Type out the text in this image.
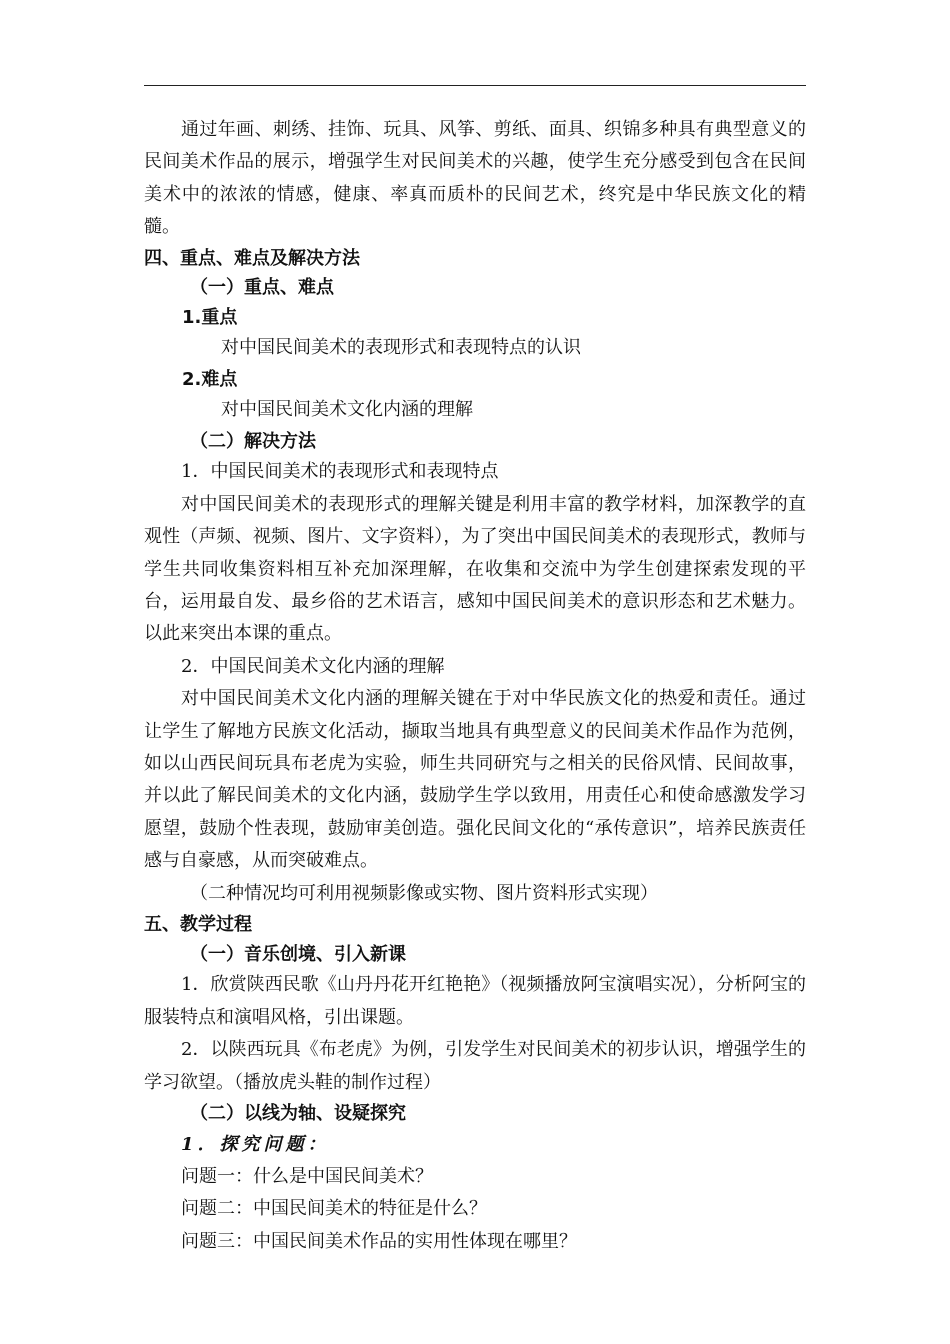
通过年画、刺绣、挂饰、玩具、风筝、剪纸、面具、织锦多种具有典型意义的民间美术作品的展示，增强学生对民间美术的兴趣，使学生充分感受到包含在民间美术中的浓浓的情感，健康、率真而质朴的民间艺术，终究是中华民族文化的精髓。

四、重点、难点及解决方法

（一）重点、难点

1.重点

对中国民间美术的表现形式和表现特点的认识

2.难点

对中国民间美术文化内涵的理解

（二）解决方法

1．中国民间美术的表现形式和表现特点

对中国民间美术的表现形式的理解关键是利用丰富的教学材料，加深教学的直观性（声频、视频、图片、文字资料），为了突出中国民间美术的表现形式，教师与学生共同收集资料相互补充加深理解，在收集和交流中为学生创建探索发现的平台，运用最自发、最乡俗的艺术语言，感知中国民间美术的意识形态和艺术魅力。以此来突出本课的重点。

2．中国民间美术文化内涵的理解

对中国民间美术文化内涵的理解关键在于对中华民族文化的热爱和责任。通过让学生了解地方民族文化活动，撷取当地具有典型意义的民间美术作品作为范例，如以山西民间玩具布老虎为实验，师生共同研究与之相关的民俗风情、民间故事，并以此了解民间美术的文化内涵，鼓励学生学以致用，用责任心和使命感激发学习愿望，鼓励个性表现，鼓励审美创造。强化民间文化的“承传意识”，培养民族责任感与自豪感，从而突破难点。

（二种情况均可利用视频影像或实物、图片资料形式实现）

五、教学过程

（一）音乐创境、引入新课

1．欣赏陕西民歌《山丹丹花开红艳艳》（视频播放阿宝演唱实况），分析阿宝的服装特点和演唱风格，引出课题。

2．以陕西玩具《布老虎》为例，引发学生对民间美术的初步认识，增强学生的学习欲望。（播放虎头鞋的制作过程）

（二）以线为轴、设疑探究

1．探究问题：

问题一：什么是中国民间美术？

问题二：中国民间美术的特征是什么？

问题三：中国民间美术作品的实用性体现在哪里？
